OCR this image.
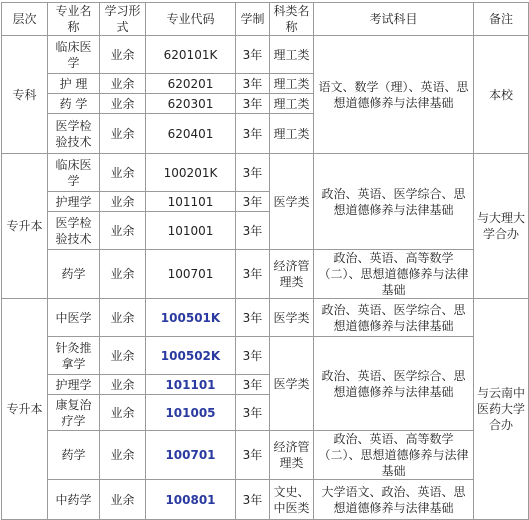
层次	专业名称	学习形式	专业代码	学制	科类名称	考试科目	备注
专科	临床医学	业余	620101K	3年	理工类	语文、数学（理）、英语、思想道德修养与法律基础	本校
	护 理	业余	620201	3年	理工类		
	药 学	业余	620301	3年	理工类		
	医学检验技术	业余	620401	3年	理工类		
专升本	临床医学	业余	100201K	3年	医学类	政治、英语、医学综合、思想道德修养与法律基础	与大理大学合办
	护理学	业余	101101	3年			
	医学检验技术	业余	101001	3年			
	药学	业余	100701	3年	经济管理类	政治、英语、高等数学（二）、思想道德修养与法律基础	
专升本	中医学	业余	100501K	3年	医学类	政治、英语、医学综合、思想道德修养与法律基础	与云南中医药大学合办
	针灸推拿学	业余	100502K	3年	医学类	政治、英语、医学综合、思想道德修养与法律基础	
	护理学	业余	101101	3年			
	康复治疗学	业余	101005	3年			
	药学	业余	100701	3年	经济管理类	政治、英语、高等数学（二）、思想道德修养与法律基础	
	中药学	业余	100801	3年	文史、中医类	大学语文、政治、英语、思想道德修养与法律基础	
